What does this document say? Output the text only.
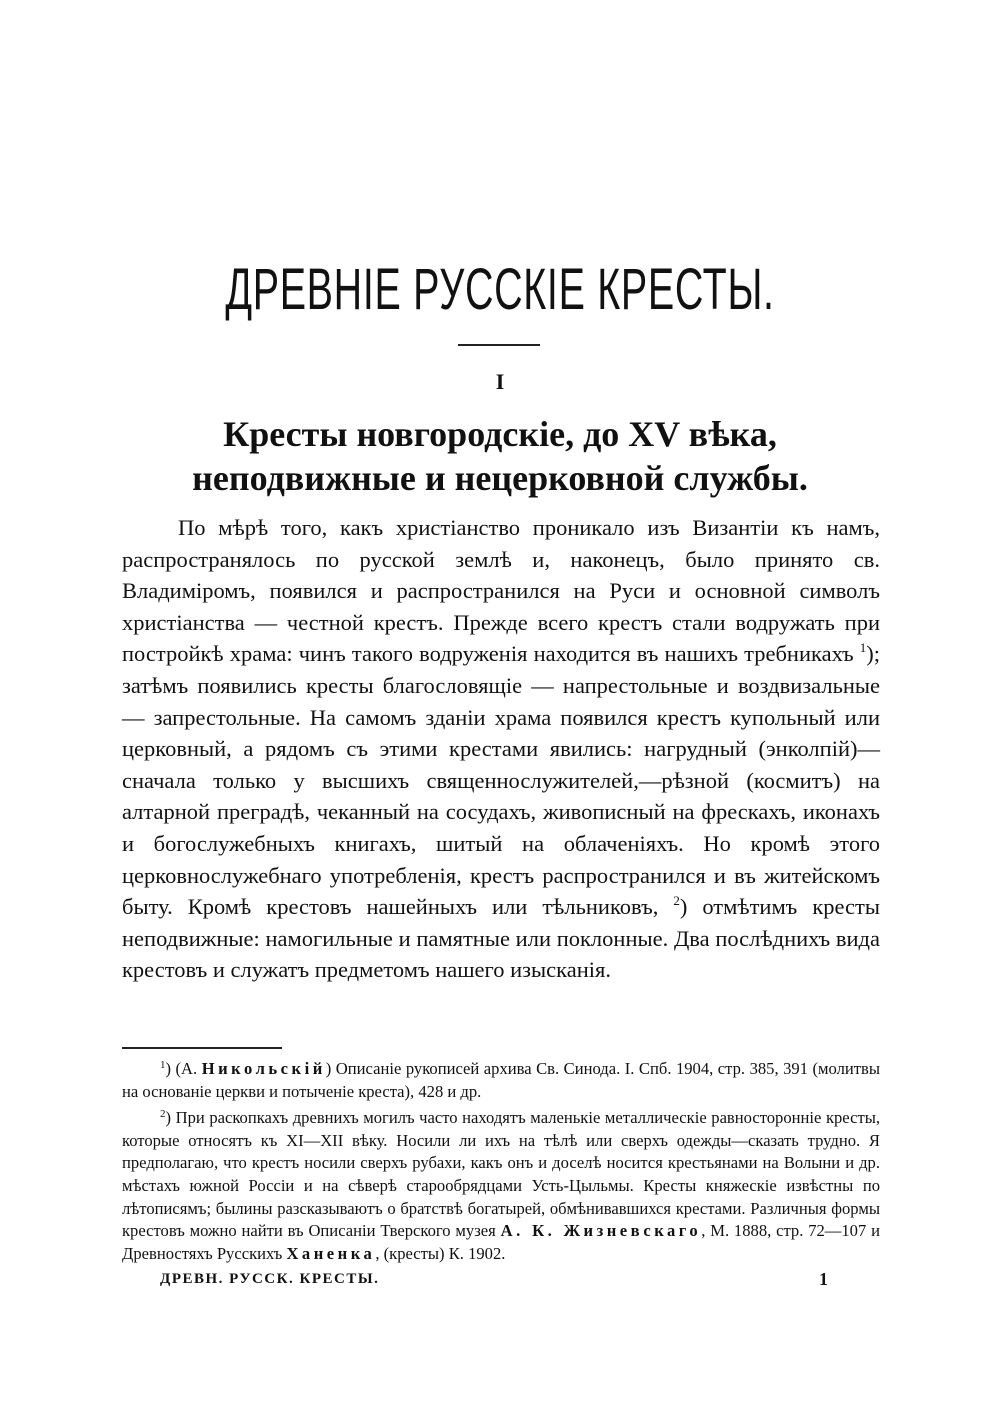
ДРЕВНІЕ РУССКІЕ КРЕСТЫ.
I
Кресты новгородскіе, до XV вѣка, неподвижные и нецерковной службы.

По мѣрѣ того, какъ христіанство проникало изъ Византіи къ намъ, распространялось по русской землѣ и, наконецъ, было принято св. Владиміромъ, появился и распространился на Руси и основной символъ христіанства — честной крестъ. Прежде всего крестъ стали водружать при постройкѣ храма: чинъ такого водруженія находится въ нашихъ требникахъ $^1$); затѣмъ появились кресты благословящіе — напрестольные и воздвизальные — запрестольные. На самомъ зданіи храма появился крестъ купольный или церковный, а рядомъ съ этими крестами явились: нагрудный (энколпій)—сначала только у высшихъ священнослужителей,—рѣзной (космитъ) на алтарной преградѣ, чеканный на сосудахъ, живописный на фрескахъ, иконахъ и богослужебныхъ книгахъ, шитый на облаченіяхъ. Но кромѣ этого церковнослужебнаго употребленія, крестъ распространился и въ житейскомъ быту. Кромѣ крестовъ нашейныхъ или тѣльниковъ, $^2$) отмѣтимъ кресты неподвижные: намогильные и памятные или поклонные. Два послѣднихъ вида крестовъ и служатъ предметомъ нашего изысканія.

$^1$) (А. Никольскій) Описаніе рукописей архива Св. Синода. I. Спб. 1904, стр. 385, 391 (молитвы на основаніе церкви и потыченіе креста), 428 и др.

$^2$) При раскопкахъ древнихъ могилъ часто находятъ маленькіе металлическіе равносторонніе кресты, которые относятъ къ XI—XII вѣку. Носили ли ихъ на тѣлѣ или сверхъ одежды—сказать трудно. Я предполагаю, что крестъ носили сверхъ рубахи, какъ онъ и доселѣ носится крестьянами на Волыни и др. мѣстахъ южной Россіи и на сѣверѣ старообрядцами Усть-Цыльмы. Кресты княжескіе извѣстны по лѣтописямъ; былины разсказываютъ о братствѣ богатырей, обмѣнивавшихся крестами. Различныя формы крестовъ можно найти въ Описаніи Тверского музея А. К. Жизневскаго, М. 1888, стр. 72—107 и Древностяхъ Русскихъ Ханенка, (кресты) К. 1902.

ДРЕВН. РУССК. КРЕСТЫ.	1
